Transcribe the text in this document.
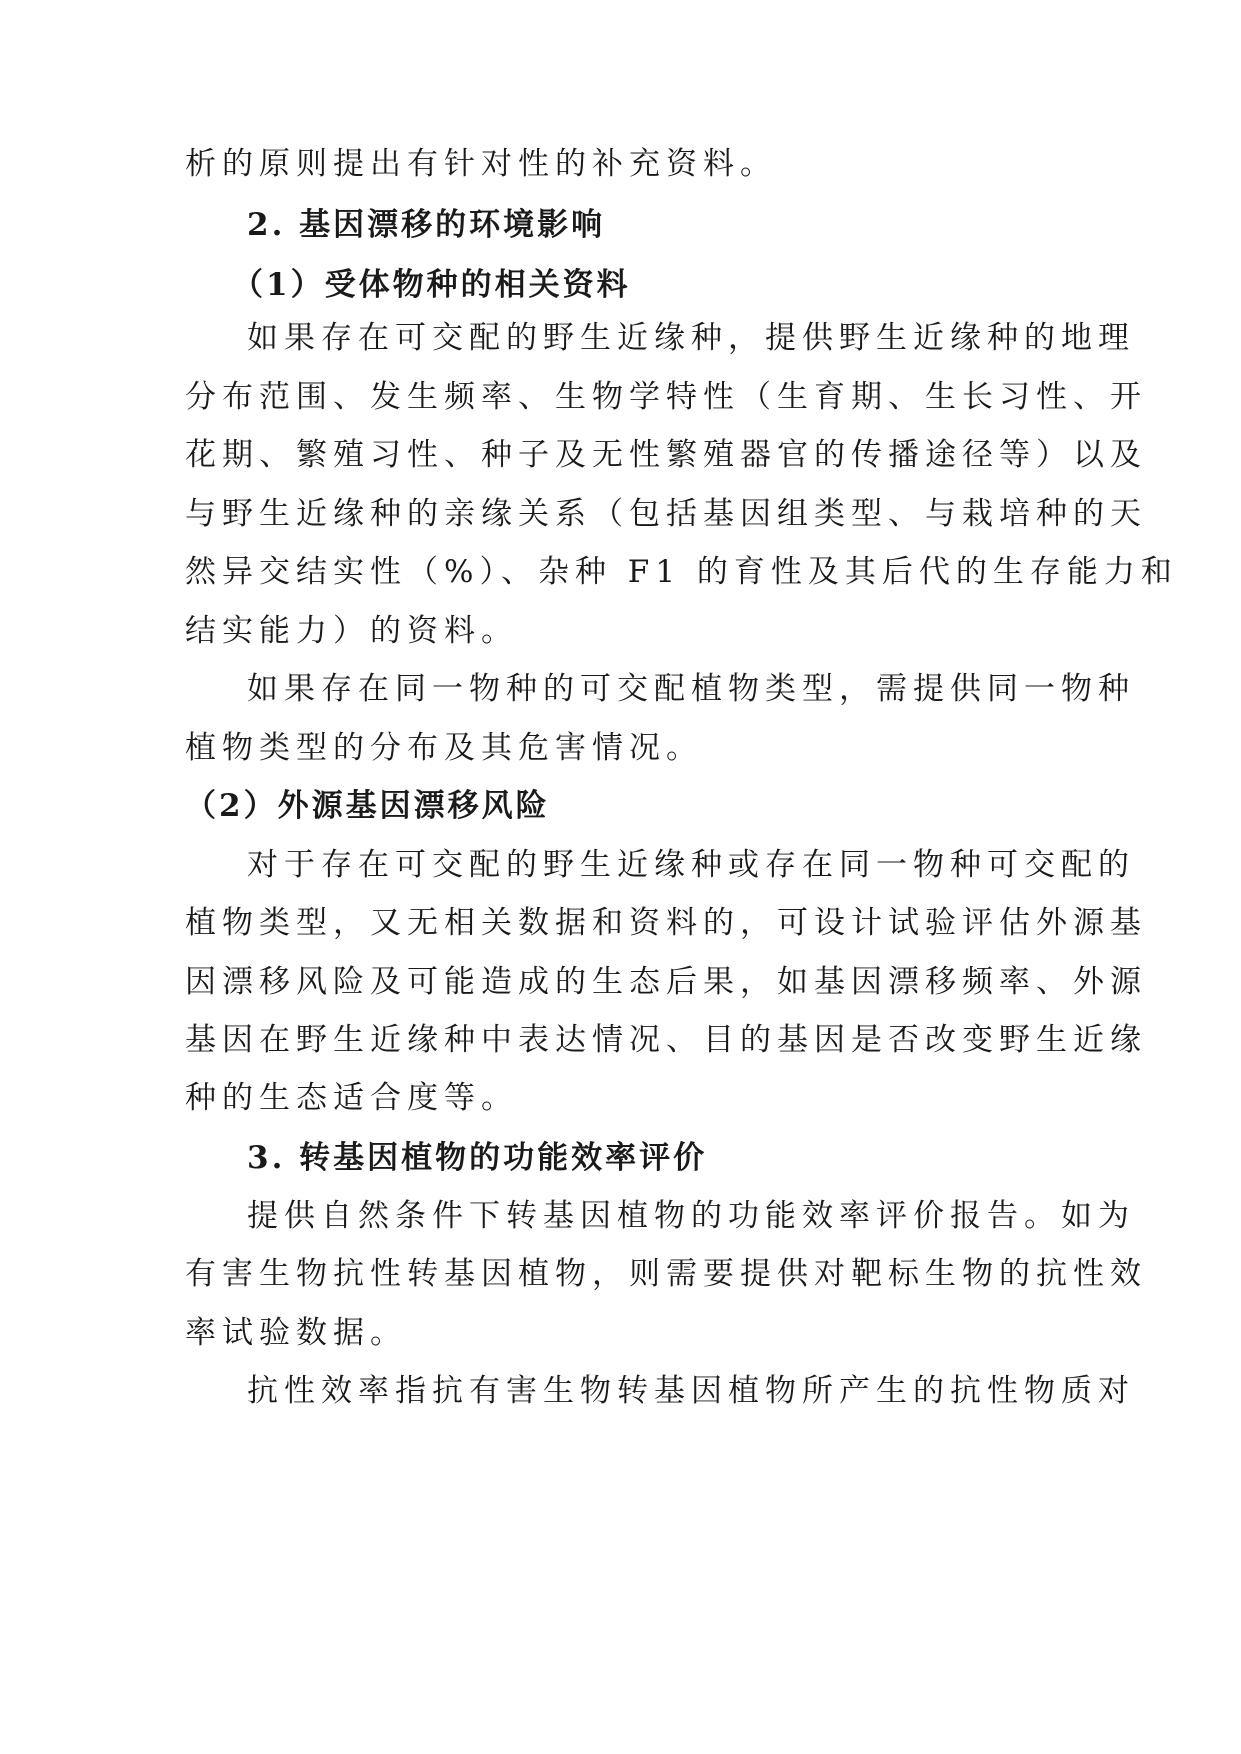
析的原则提出有针对性的补充资料。
2. 基因漂移的环境影响
（1）受体物种的相关资料
如果存在可交配的野生近缘种，提供野生近缘种的地理
分布范围、发生频率、生物学特性（生育期、生长习性、开
花期、繁殖习性、种子及无性繁殖器官的传播途径等）以及
与野生近缘种的亲缘关系（包括基因组类型、与栽培种的天
然异交结实性（%）、杂种 F1 的育性及其后代的生存能力和
结实能力）的资料。
如果存在同一物种的可交配植物类型，需提供同一物种
植物类型的分布及其危害情况。
（2）外源基因漂移风险
对于存在可交配的野生近缘种或存在同一物种可交配的
植物类型，又无相关数据和资料的，可设计试验评估外源基
因漂移风险及可能造成的生态后果，如基因漂移频率、外源
基因在野生近缘种中表达情况、目的基因是否改变野生近缘
种的生态适合度等。
3. 转基因植物的功能效率评价
提供自然条件下转基因植物的功能效率评价报告。如为
有害生物抗性转基因植物，则需要提供对靶标生物的抗性效
率试验数据。
抗性效率指抗有害生物转基因植物所产生的抗性物质对
